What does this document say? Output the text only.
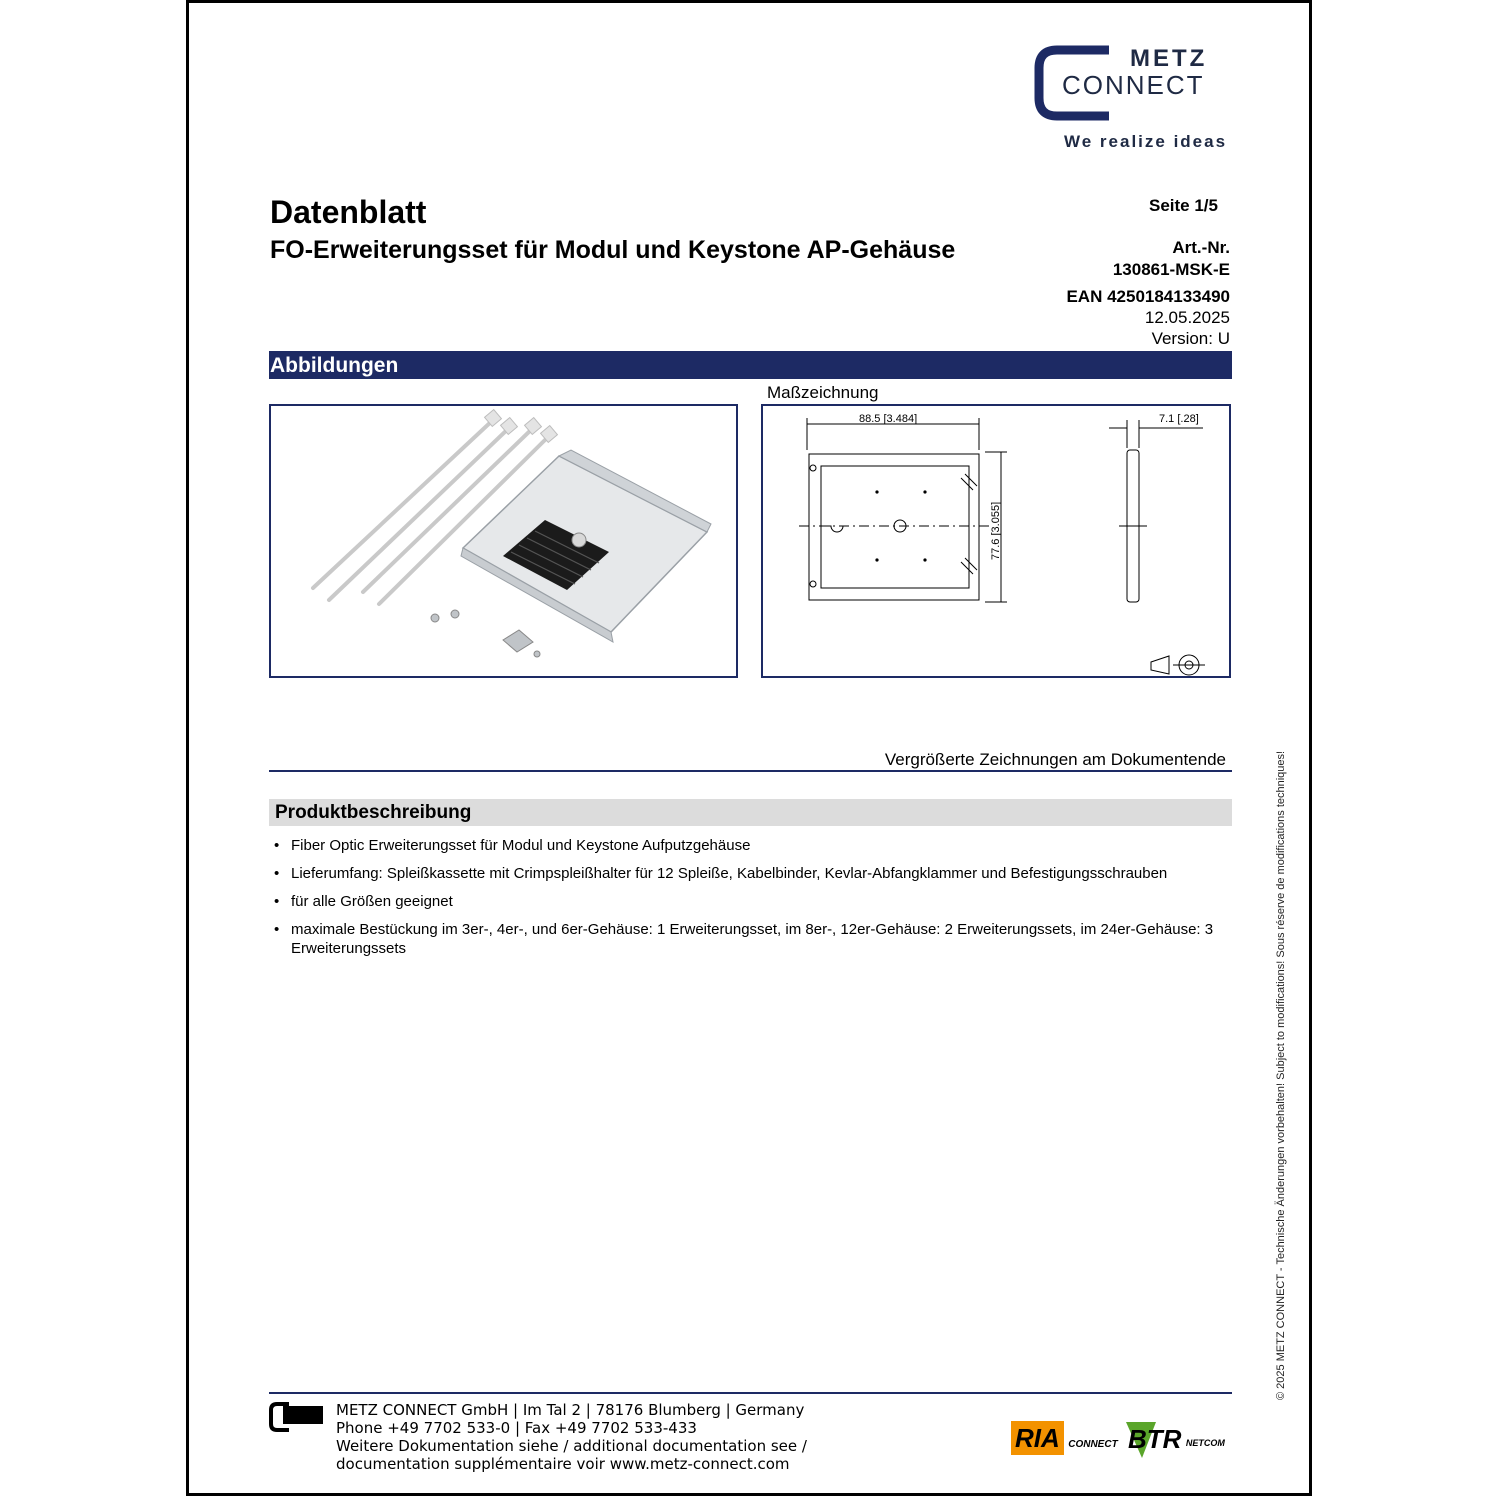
METZ
CONNECT
We realize ideas
Datenblatt
FO-Erweiterungsset für Modul und Keystone AP-Gehäuse
Seite 1/5
Art.-Nr.
130861-MSK-E
EAN 4250184133490
12.05.2025
Version: U
Abbildungen
Maßzeichnung
88.5 [3.484]
77.6 [3.055]
7.1 [.28]
Vergrößerte Zeichnungen am Dokumentende
Produktbeschreibung
• Fiber Optic Erweiterungsset für Modul und Keystone Aufputzgehäuse
• Lieferumfang: Spleißkassette mit Crimpspleißhalter für 12 Spleiße, Kabelbinder, Kevlar-Abfangklammer und Befestigungsschrauben
• für alle Größen geeignet
• maximale Bestückung im 3er-, 4er-, und 6er-Gehäuse: 1 Erweiterungsset, im 8er-, 12er-Gehäuse: 2 Erweiterungssets, im 24er-Gehäuse: 3 Erweiterungssets	© 2025 METZ CONNECT - Technische Änderungen vorbehalten! Subject to modifications! Sous réserve de modifications techniques!
METZ CONNECT GmbH | Im Tal 2 | 78176 Blumberg | Germany
Phone +49 7702 533-0 | Fax +49 7702 533-433
Weitere Dokumentation siehe / additional documentation see /
documentation supplémentaire voir www.metz-connect.com
RIA CONNECT BTR NETCOM
